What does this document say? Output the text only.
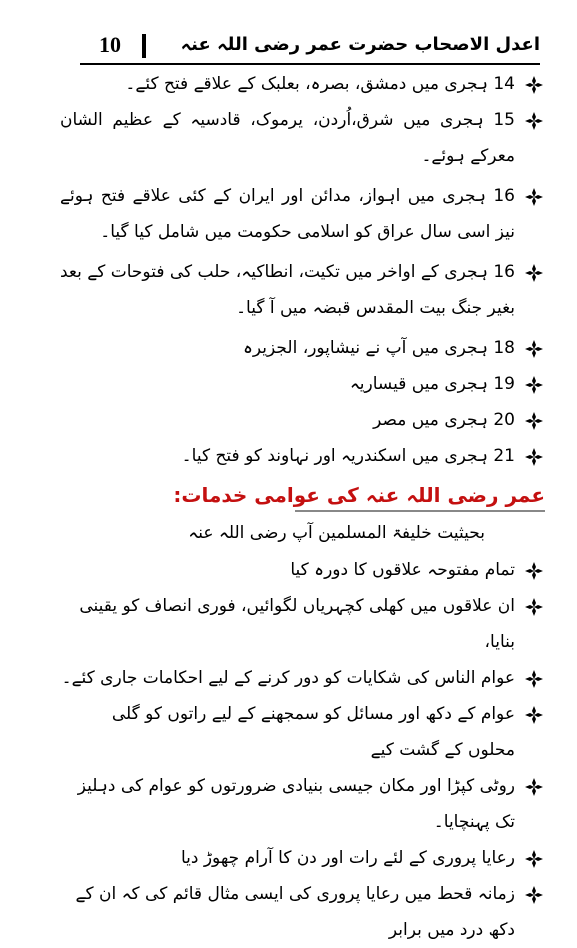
10	اعدل الاصحاب حضرت عمر رضی اللہ عنہ
14 ہجری میں دمشق، بصرہ، بعلبک کے علاقے فتح کئے۔
15 ہجری میں شرق،اُردن، یرموک، قادسیہ کے عظیم الشان معرکے ہوئے۔
16 ہجری میں اہواز، مدائن اور ایران کے کئی علاقے فتح ہوئے نیز اسی سال عراق کو اسلامی حکومت میں شامل کیا گیا۔
16 ہجری کے اواخر میں تکیت، انطاکیہ، حلب کی فتوحات کے بعد بغیر جنگ بیت المقدس قبضہ میں آ گیا۔
18 ہجری میں آپ نے نیشاپور، الجزیرہ
19 ہجری میں قیساریہ
20 ہجری میں مصر
21 ہجری میں اسکندریہ اور نہاوند کو فتح کیا۔
عمر رضی اللہ عنہ کی عوامی خدمات:
بحیثیت خلیفۃ المسلمین آپ رضی اللہ عنہ
تمام مفتوحہ علاقوں کا دورہ کیا
ان علاقوں میں کھلی کچہریاں لگوائیں، فوری انصاف کو یقینی بنایا،
عوام الناس کی شکایات کو دور کرنے کے لیے احکامات جاری کئے۔
عوام کے دکھ اور مسائل کو سمجھنے کے لیے راتوں کو گلی محلوں کے گشت کیے
روٹی کپڑا اور مکان جیسی بنیادی ضرورتوں کو عوام کی دہلیز تک پہنچایا۔
رعایا پروری کے لئے رات اور دن کا آرام چھوڑ دیا
زمانہ قحط میں رعایا پروری کی ایسی مثال قائم کی کہ ان کے دکھ درد میں برابر
